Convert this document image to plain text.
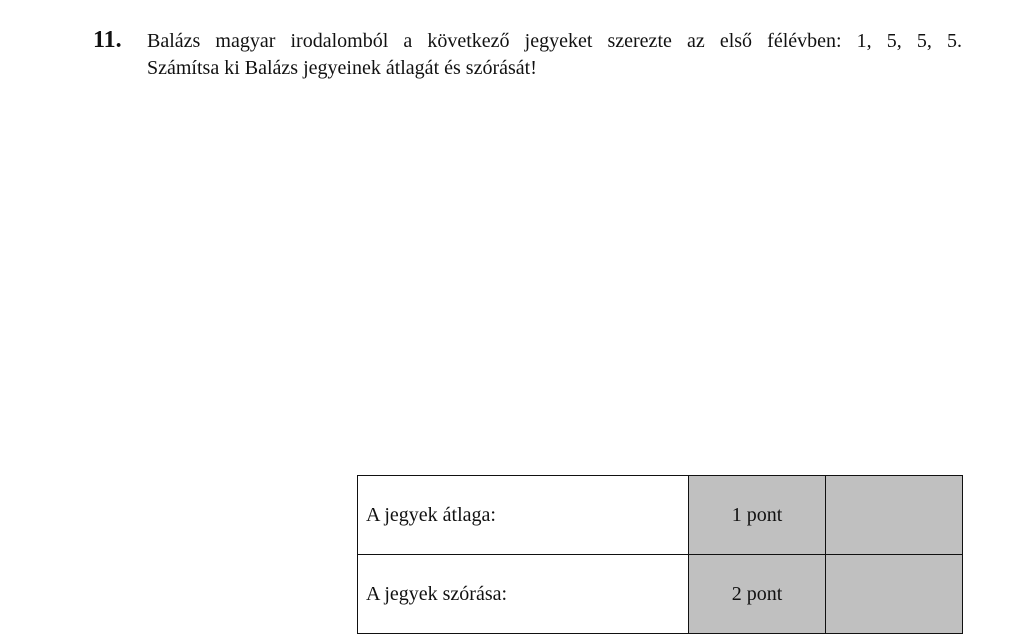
11. Balázs magyar irodalomból a következő jegyeket szerezte az első félévben: 1, 5, 5, 5.
Számítsa ki Balázs jegyeinek átlagát és szórását!
A jegyek átlaga:	1 pont	
A jegyek szórása:	2 pont	
